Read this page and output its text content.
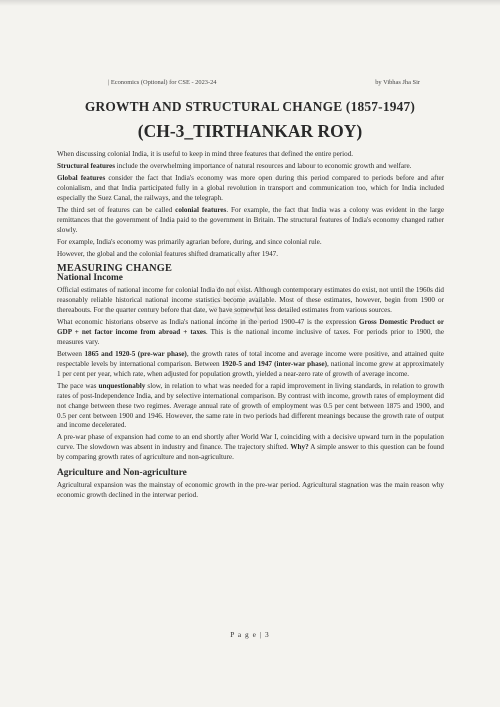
| Economics (Optional) for CSE - 2023-24	by Vibhas Jha Sir
GROWTH AND STRUCTURAL CHANGE (1857-1947)
(CH-3_TIRTHANKAR ROY)

When discussing colonial India, it is useful to keep in mind three features that defined the entire period.

Structural features include the overwhelming importance of natural resources and labour to economic growth and welfare.

Global features consider the fact that India's economy was more open during this period compared to periods before and after colonialism, and that India participated fully in a global revolution in transport and communication too, which for India included especially the Suez Canal, the railways, and the telegraph.

The third set of features can be called colonial features. For example, the fact that India was a colony was evident in the large remittances that the government of India paid to the government in Britain. The structural features of India's economy changed rather slowly.

For example, India's economy was primarily agrarian before, during, and since colonial rule.

However, the global and the colonial features shifted dramatically after 1947.

MEASURING CHANGE
National Income

Official estimates of national income for colonial India do not exist. Although contemporary estimates do exist, not until the 1960s did reasonably reliable historical national income statistics become available. Most of these estimates, however, begin from 1900 or thereabouts. For the quarter century before that date, we have somewhat less detailed estimates from various sources.

What economic historians observe as India's national income in the period 1900-47 is the expression Gross Domestic Product or GDP + net factor income from abroad + taxes. This is the national income inclusive of taxes. For periods prior to 1900, the measures vary.

Between 1865 and 1920-5 (pre-war phase), the growth rates of total income and average income were positive, and attained quite respectable levels by international comparison. Between 1920-5 and 1947 (inter-war phase), national income grew at approximately 1 per cent per year, which rate, when adjusted for population growth, yielded a near-zero rate of growth of average income.

The pace was unquestionably slow, in relation to what was needed for a rapid improvement in living standards, in relation to growth rates of post-Independence India, and by selective international comparison. By contrast with income, growth rates of employment did not change between these two regimes. Average annual rate of growth of employment was 0.5 per cent between 1875 and 1900, and 0.5 per cent between 1900 and 1946. However, the same rate in two periods had different meanings because the growth rate of output and income decelerated.

A pre-war phase of expansion had come to an end shortly after World War I, coinciding with a decisive upward turn in the population curve. The slowdown was absent in industry and finance. The trajectory shifted. Why? A simple answer to this question can be found by comparing growth rates of agriculture and non-agriculture.

Agriculture and Non-agriculture

Agricultural expansion was the mainstay of economic growth in the pre-war period. Agricultural stagnation was the main reason why economic growth declined in the interwar period.

P a g e | 3
